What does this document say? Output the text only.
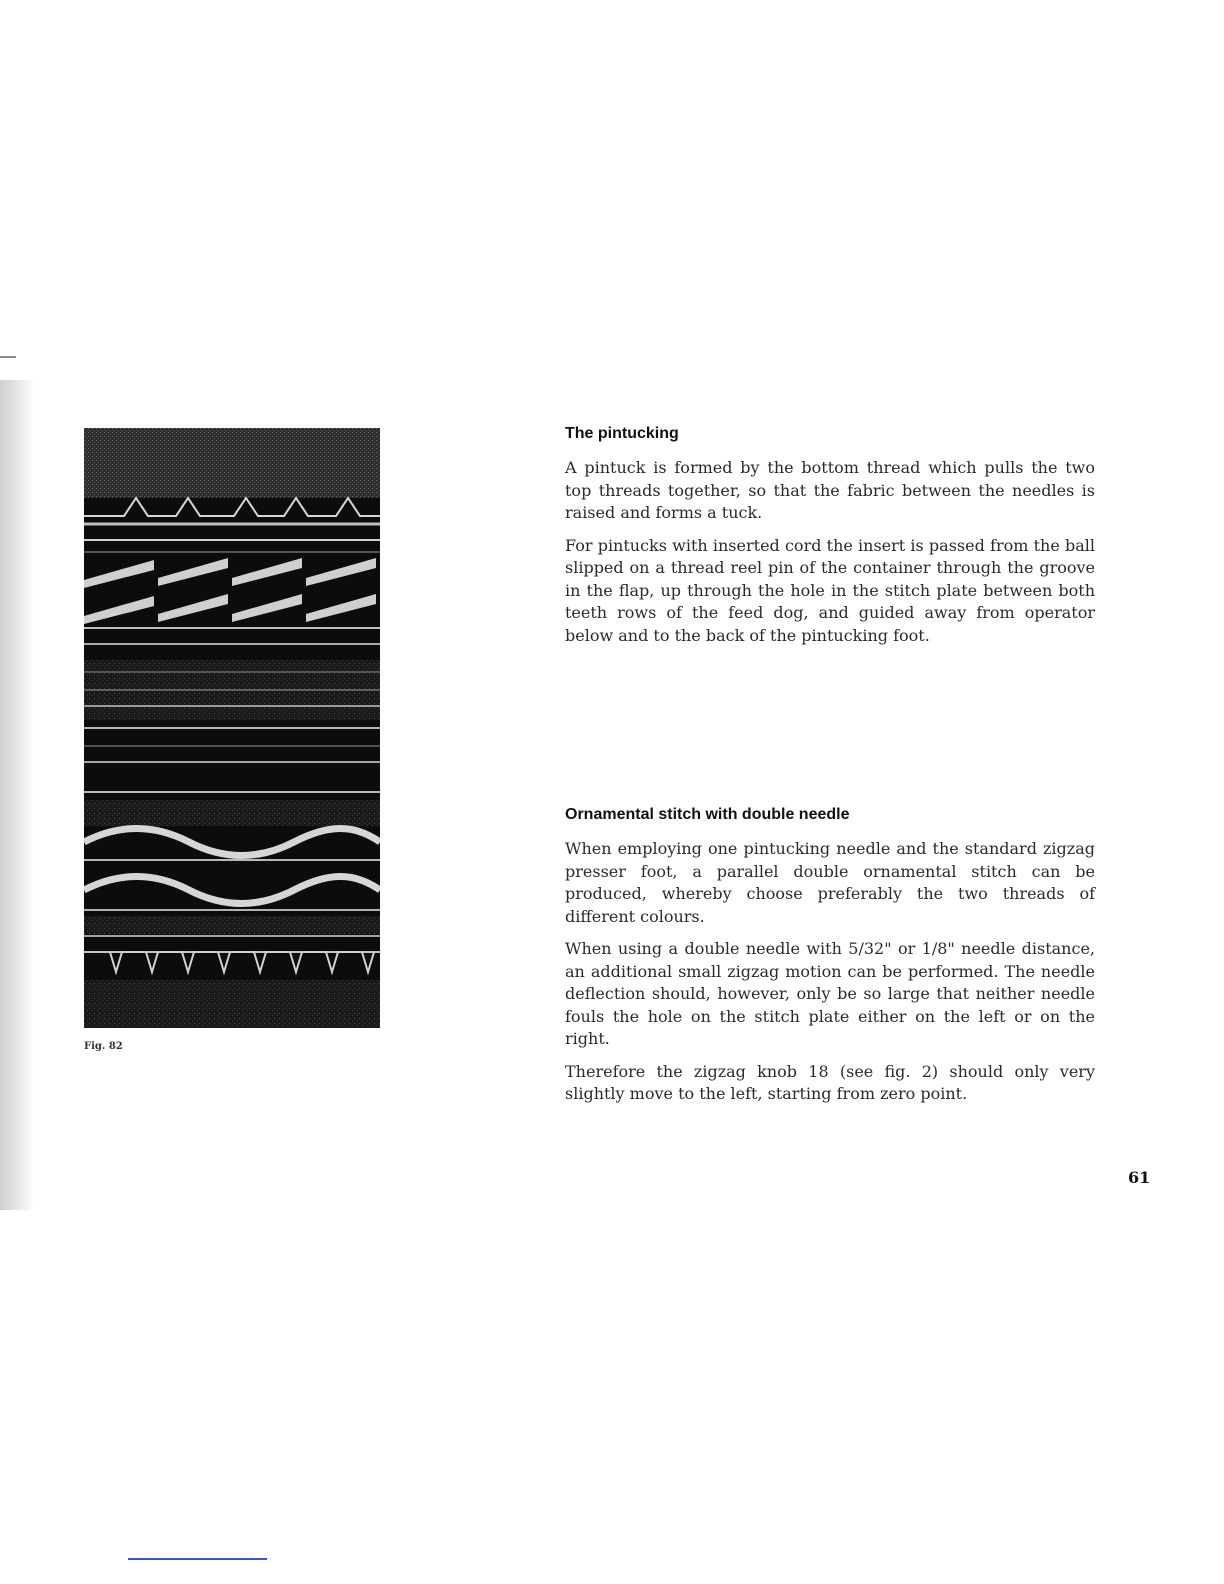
Fig. 82
The pintucking

A pintuck is formed by the bottom thread which pulls the two top threads together, so that the fabric between the needles is raised and forms a tuck.

For pintucks with inserted cord the insert is passed from the ball slipped on a thread reel pin of the container through the groove in the flap, up through the hole in the stitch plate between both teeth rows of the feed dog, and guided away from operator below and to the back of the pintucking foot.

Ornamental stitch with double needle

When employing one pintucking needle and the standard zigzag presser foot, a parallel double ornamental stitch can be produced, whereby choose preferably the two threads of different colours.

When using a double needle with 5/32" or 1/8" needle distance, an additional small zigzag motion can be performed. The needle deflection should, however, only be so large that neither needle fouls the hole on the stitch plate either on the left or on the right.

Therefore the zigzag knob 18 (see fig. 2) should only very slightly move to the left, starting from zero point.

61
